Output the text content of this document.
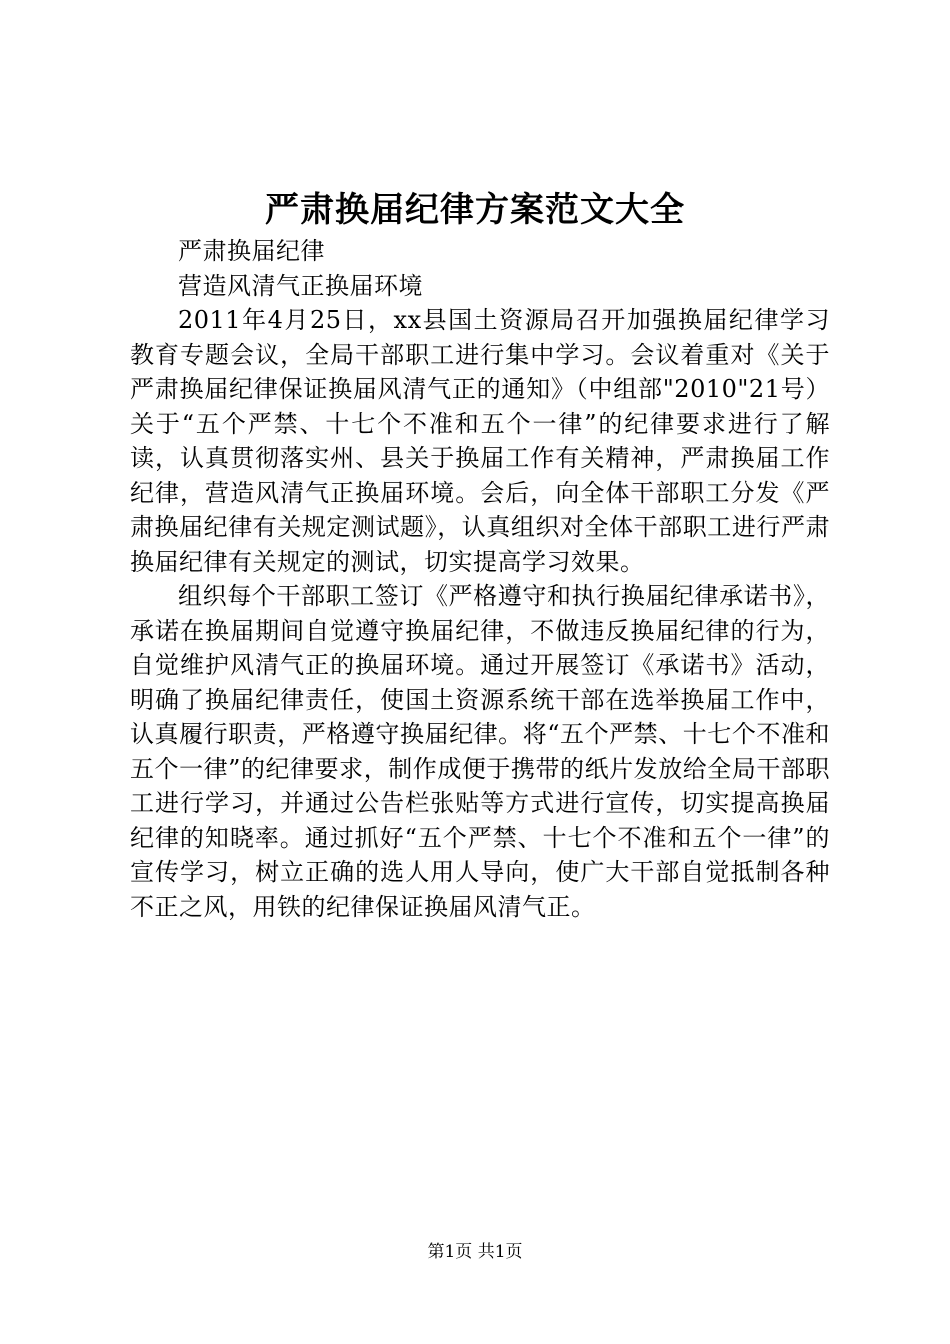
严肃换届纪律方案范文大全

严肃换届纪律

营造风清气正换届环境

2011年4月25日，xx县国土资源局召开加强换届纪律学习教育专题会议，全局干部职工进行集中学习。会议着重对《关于严肃换届纪律保证换届风清气正的通知》（中组部"2010"21号）关于“五个严禁、十七个不准和五个一律”的纪律要求进行了解读，认真贯彻落实州、县关于换届工作有关精神，严肃换届工作纪律，营造风清气正换届环境。会后，向全体干部职工分发《严肃换届纪律有关规定测试题》，认真组织对全体干部职工进行严肃换届纪律有关规定的测试，切实提高学习效果。

组织每个干部职工签订《严格遵守和执行换届纪律承诺书》，承诺在换届期间自觉遵守换届纪律，不做违反换届纪律的行为，自觉维护风清气正的换届环境。通过开展签订《承诺书》活动，明确了换届纪律责任，使国土资源系统干部在选举换届工作中，认真履行职责，严格遵守换届纪律。将“五个严禁、十七个不准和五个一律”的纪律要求，制作成便于携带的纸片发放给全局干部职工进行学习，并通过公告栏张贴等方式进行宣传，切实提高换届纪律的知晓率。通过抓好“五个严禁、十七个不准和五个一律”的宣传学习，树立正确的选人用人导向，使广大干部自觉抵制各种不正之风，用铁的纪律保证换届风清气正。

第1页 共1页
